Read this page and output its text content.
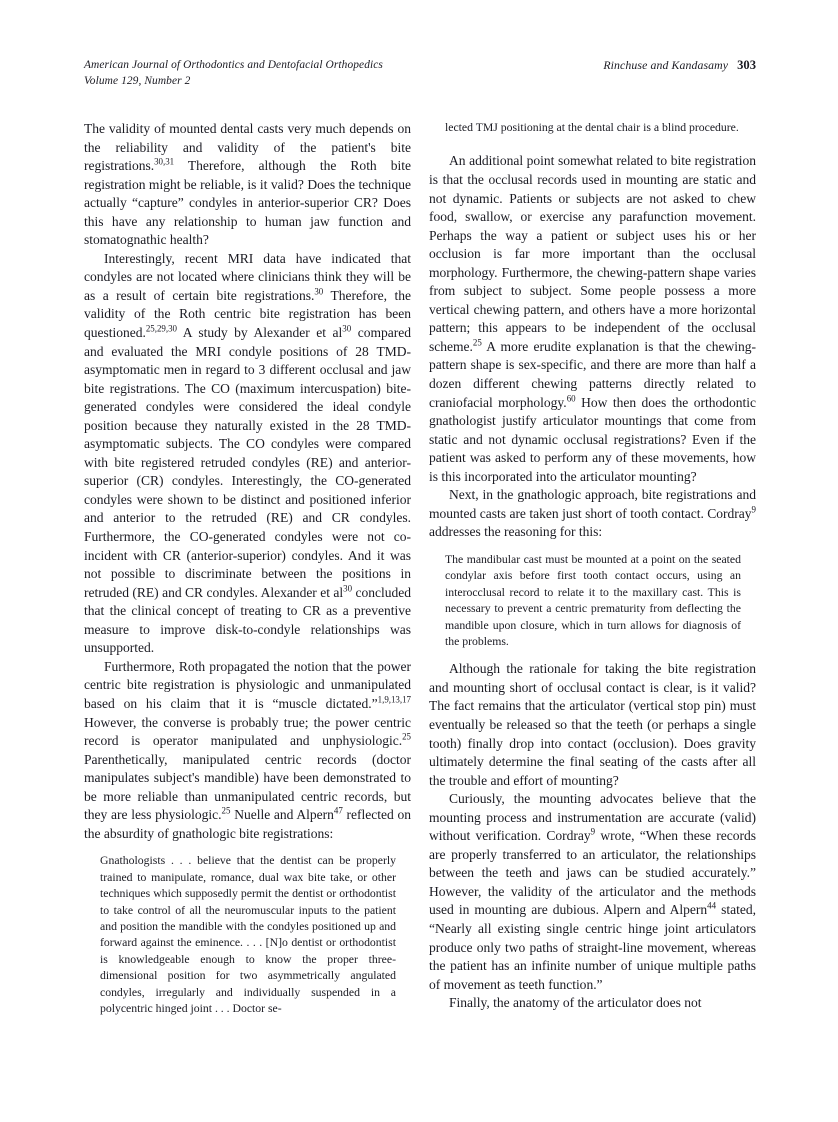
American Journal of Orthodontics and Dentofacial Orthopedics
Volume 129, Number 2
Rinchuse and Kandasamy 303

The validity of mounted dental casts very much depends on the reliability and validity of the patient's bite registrations.$^{30,31}$ Therefore, although the Roth bite registration might be reliable, is it valid? Does the technique actually “capture” condyles in anterior-superior CR? Does this have any relationship to human jaw function and stomatognathic health?

Interestingly, recent MRI data have indicated that condyles are not located where clinicians think they will be as a result of certain bite registrations.$^{30}$ Therefore, the validity of the Roth centric bite registration has been questioned.$^{25,29,30}$ A study by Alexander et $al^{30}$ compared and evaluated the MRI condyle positions of 28 TMD-asymptomatic men in regard to 3 different occlusal and jaw bite registrations. The CO (maximum intercuspation) bite-generated condyles were considered the ideal condyle position because they naturally existed in the 28 TMD-asymptomatic subjects. The CO condyles were compared with bite registered retruded condyles (RE) and anterior-superior (CR) condyles. Interestingly, the CO-generated condyles were shown to be distinct and positioned inferior and anterior to the retruded (RE) and CR condyles. Furthermore, the CO-generated condyles were not co-incident with CR (anterior-superior) condyles. And it was not possible to discriminate between the positions in retruded (RE) and CR condyles. Alexander et $al^{30}$ concluded that the clinical concept of treating to CR as a preventive measure to improve disk-to-condyle relationships was unsupported.

Furthermore, Roth propagated the notion that the power centric bite registration is physiologic and unmanipulated based on his claim that it is “muscle dictated.”$^{1,9,13,17}$ However, the converse is probably true; the power centric record is operator manipulated and unphysiologic.$^{25}$ Parenthetically, manipulated centric records (doctor manipulates subject's mandible) have been demonstrated to be more reliable than unmanipulated centric records, but they are less physiologic.$^{25}$ Nuelle and Alpern$^{47}$ reflected on the absurdity of gnathologic bite registrations:

Gnathologists . . . believe that the dentist can be properly trained to manipulate, romance, dual wax bite take, or other techniques which supposedly permit the dentist or orthodontist to take control of all the neuromuscular inputs to the patient and position the mandible with the condyles positioned up and forward against the eminence. . . . [N]o dentist or orthodontist is knowledgeable enough to know the proper three-dimensional position for two asymmetrically angulated condyles, irregularly and individually suspended in a polycentric hinged joint . . . Doctor se-

lected TMJ positioning at the dental chair is a blind procedure.

An additional point somewhat related to bite registration is that the occlusal records used in mounting are static and not dynamic. Patients or subjects are not asked to chew food, swallow, or exercise any parafunction movement. Perhaps the way a patient or subject uses his or her occlusion is far more important than the occlusal morphology. Furthermore, the chewing-pattern shape varies from subject to subject. Some people possess a more vertical chewing pattern, and others have a more horizontal pattern; this appears to be independent of the occlusal scheme.$^{25}$ A more erudite explanation is that the chewing-pattern shape is sex-specific, and there are more than half a dozen different chewing patterns directly related to craniofacial morphology.$^{60}$ How then does the orthodontic gnathologist justify articulator mountings that come from static and not dynamic occlusal registrations? Even if the patient was asked to perform any of these movements, how is this incorporated into the articulator mounting?

Next, in the gnathologic approach, bite registrations and mounted casts are taken just short of tooth contact. Cordray$^9$ addresses the reasoning for this:

The mandibular cast must be mounted at a point on the seated condylar axis before first tooth contact occurs, using an interocclusal record to relate it to the maxillary cast. This is necessary to prevent a centric prematurity from deflecting the mandible upon closure, which in turn allows for diagnosis of the problems.

Although the rationale for taking the bite registration and mounting short of occlusal contact is clear, is it valid? The fact remains that the articulator (vertical stop pin) must eventually be released so that the teeth (or perhaps a single tooth) finally drop into contact (occlusion). Does gravity ultimately determine the final seating of the casts after all the trouble and effort of mounting?

Curiously, the mounting advocates believe that the mounting process and instrumentation are accurate (valid) without verification. Cordray$^9$ wrote, “When these records are properly transferred to an articulator, the relationships between the teeth and jaws can be studied accurately.” However, the validity of the articulator and the methods used in mounting are dubious. Alpern and Alpern$^{44}$ stated, “Nearly all existing single centric hinge joint articulators produce only two paths of straight-line movement, whereas the patient has an infinite number of unique multiple paths of movement as teeth function.”

Finally, the anatomy of the articulator does not
